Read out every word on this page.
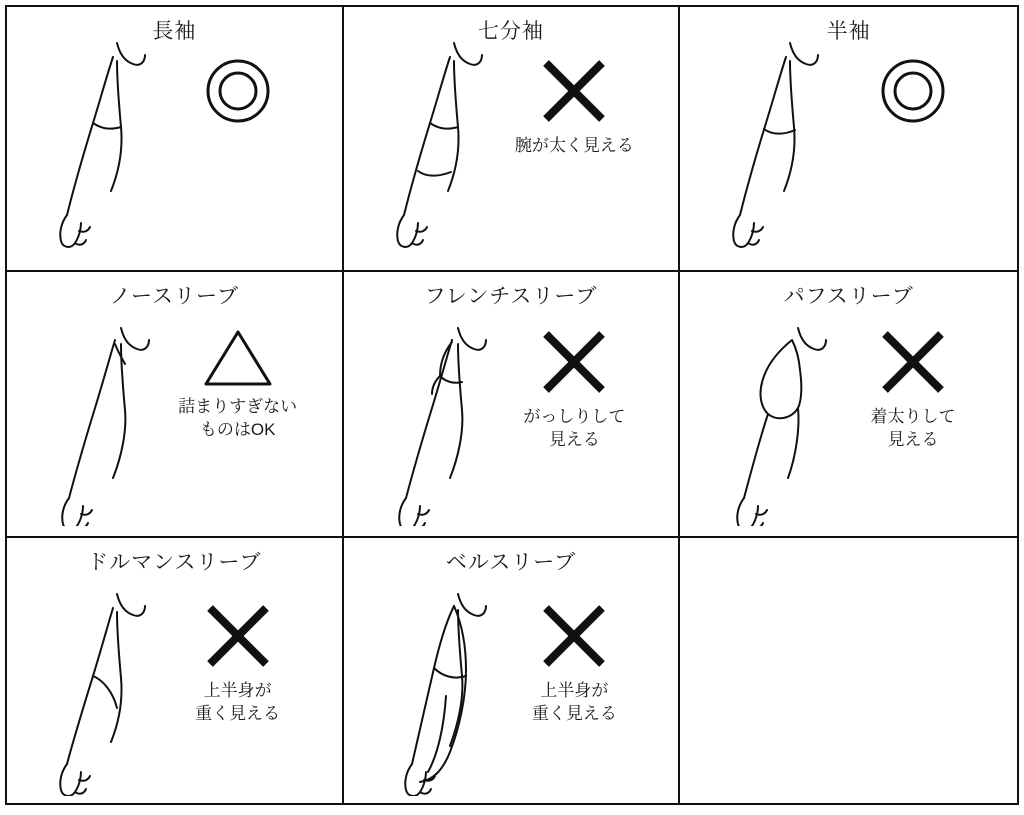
長袖	七分袖
腕が太く見える
半袖
ノースリーブ
詰まりすぎない
ものはOK
フレンチスリーブ
がっしりして
見える
パフスリーブ
着太りして
見える
ドルマンスリーブ
上半身が
重く見える
ベルスリーブ
上半身が
重く見える
